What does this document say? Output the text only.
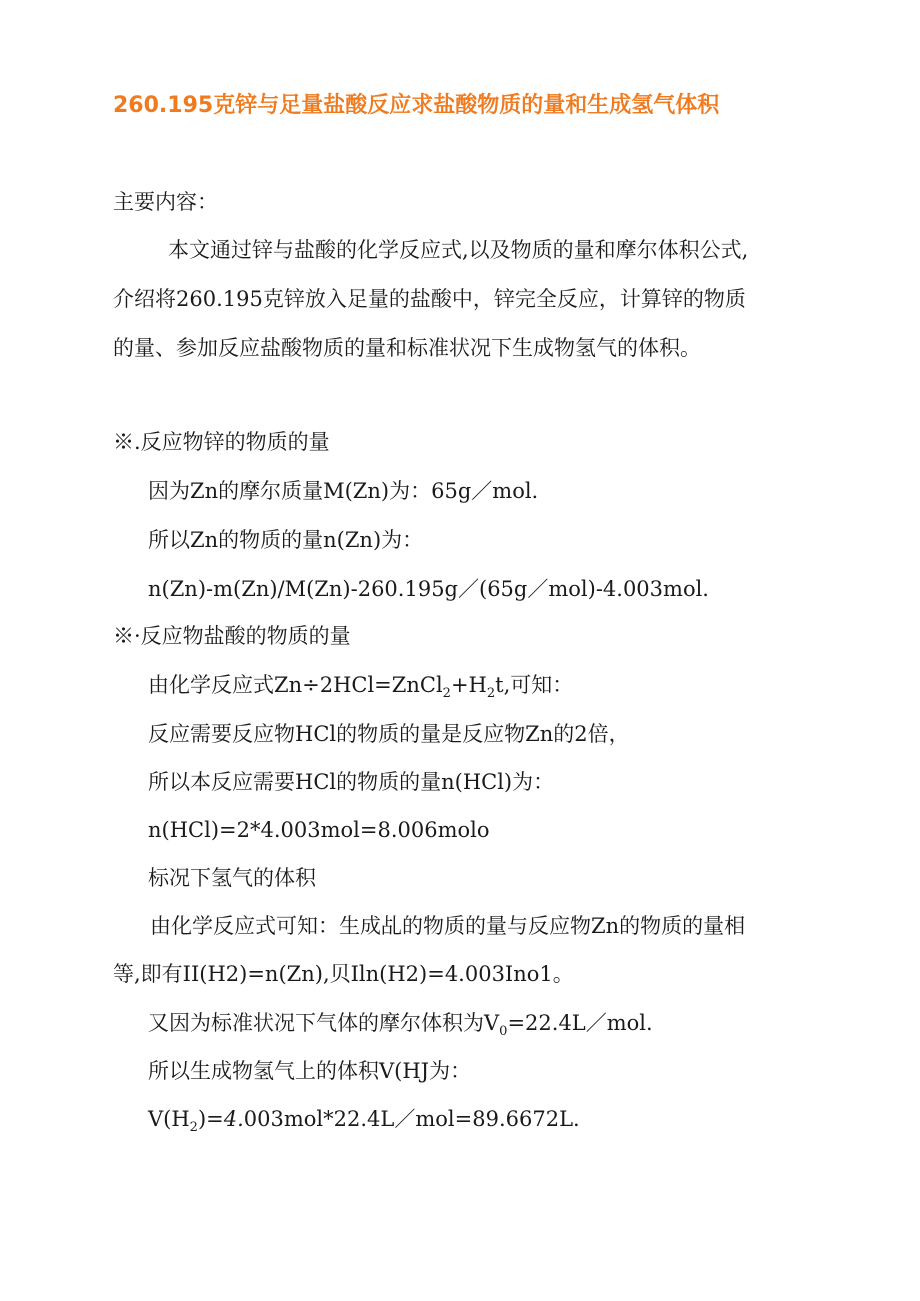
260.195克锌与足量盐酸反应求盐酸物质的量和生成氢气体积
主要内容：
本文通过锌与盐酸的化学反应式,以及物质的量和摩尔体积公式,
介绍将260.195克锌放入足量的盐酸中，锌完全反应，计算锌的物质
的量、参加反应盐酸物质的量和标准状况下生成物氢气的体积。
※.反应物锌的物质的量
因为Zn的摩尔质量M(Zn)为：65g／mol.
所以Zn的物质的量n(Zn)为：
n(Zn)-m(Zn)/M(Zn)-260.195g／(65g／mol)-4.003mol.
※·反应物盐酸的物质的量
由化学反应式$Zn\div 2HCl=ZnCl_2+H_2t$,可知：
反应需要反应物HCl的物质的量是反应物Zn的2倍，
所以本反应需要HCl的物质的量n(HCl)为：
n(HCl)=2*4.003mol=8.006molo
标况下氢气的体积
由化学反应式可知：生成乩的物质的量与反应物Zn的物质的量相
等,即有II(H2)=n(Zn),贝Iln(H2)=4.003Ino1。
又因为标准状况下气体的摩尔体积为$V_0=22.4L/mol$.
所以生成物氢气上的体积V(HJ为：
$V(H_2)=4.003mol*22.4L/mol=89.6672L$.
